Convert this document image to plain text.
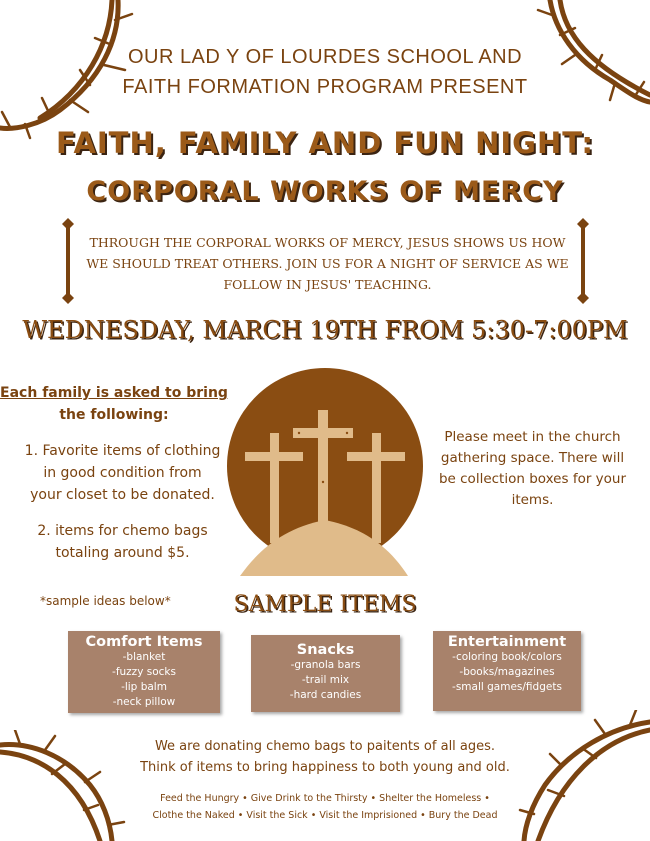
OUR LAD Y OF LOURDES SCHOOL AND
FAITH FORMATION PROGRAM PRESENT
FAITH, FAMILY AND FUN NIGHT:
CORPORAL WORKS OF MERCY
THROUGH THE CORPORAL WORKS OF MERCY, JESUS SHOWS US HOW
WE SHOULD TREAT OTHERS. JOIN US FOR A NIGHT OF SERVICE AS WE
FOLLOW IN JESUS' TEACHING.
WEDNESDAY, MARCH 19TH FROM 5:30-7:00PM
Each family is asked to bring
the following:
1. Favorite items of clothing
in good condition from
your closet to be donated.
2. items for chemo bags
totaling around $5.
*sample ideas below*
Please meet in the church
gathering space. There will
be collection boxes for your
items.
SAMPLE ITEMS
Comfort Items
-blanket
-fuzzy socks
-lip balm
-neck pillow
Snacks
-granola bars
-trail mix
-hard candies
Entertainment
-coloring book/colors
-books/magazines
-small games/fidgets
We are donating chemo bags to paitents of all ages.
Think of items to bring happiness to both young and old.
Feed the Hungry • Give Drink to the Thirsty • Shelter the Homeless •
Clothe the Naked • Visit the Sick • Visit the Imprisioned • Bury the Dead
